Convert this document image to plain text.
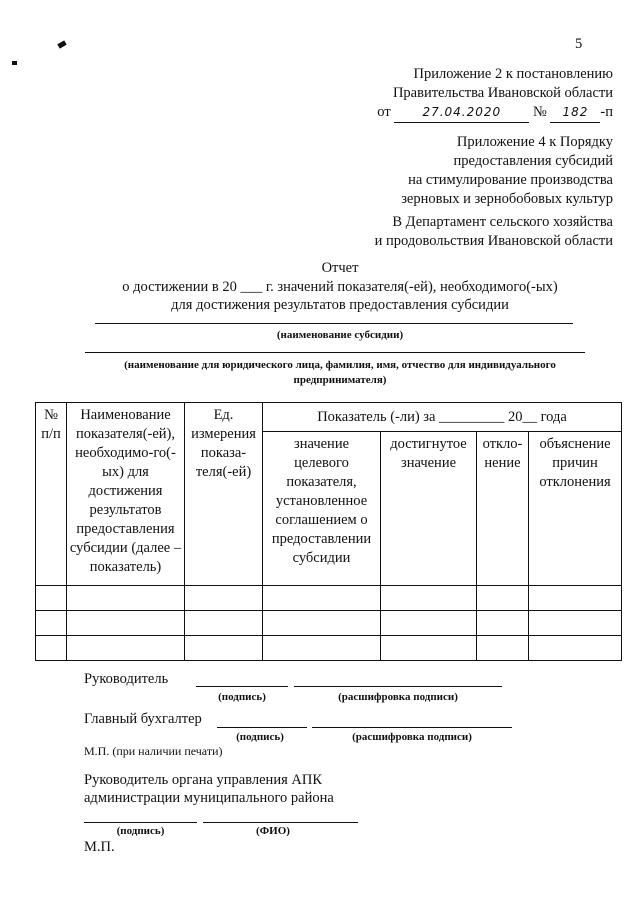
5
Приложение 2 к постановлению
Правительства Ивановской области
от	27.04.2020 № 182 -п
Приложение 4 к Порядку
предоставления субсидий
на стимулирование производства
зерновых и зернобобовых культур
В Департамент сельского хозяйства
и продовольствия Ивановской области
Отчет
о достижении в 20 ___ г. значений показателя(-ей), необходимого(-ых)
для достижения результатов предоставления субсидии
(наименование субсидии)
(наименование для юридического лица, фамилия, имя, отчество для индивидуального
предпринимателя)
№ п/п	Наименование показателя(-ей), необходимо-го(-ых) для достижения результатов предоставления субсидии (далее – показатель)	Ед. измерения показа-теля(-ей)	Показатель (-ли) за _________ 20__ года			
			значение целевого показателя, установленное соглашением о предоставлении субсидии	достигнутое значение	откло-нение	объяснение причин отклонения

Руководитель
(подпись)	(расшифровка подписи)
Главный бухгалтер
(подпись)	(расшифровка подписи)
М.П. (при наличии печати)
Руководитель органа управления АПК
администрации муниципального района
(подпись)	(ФИО)
М.П.
